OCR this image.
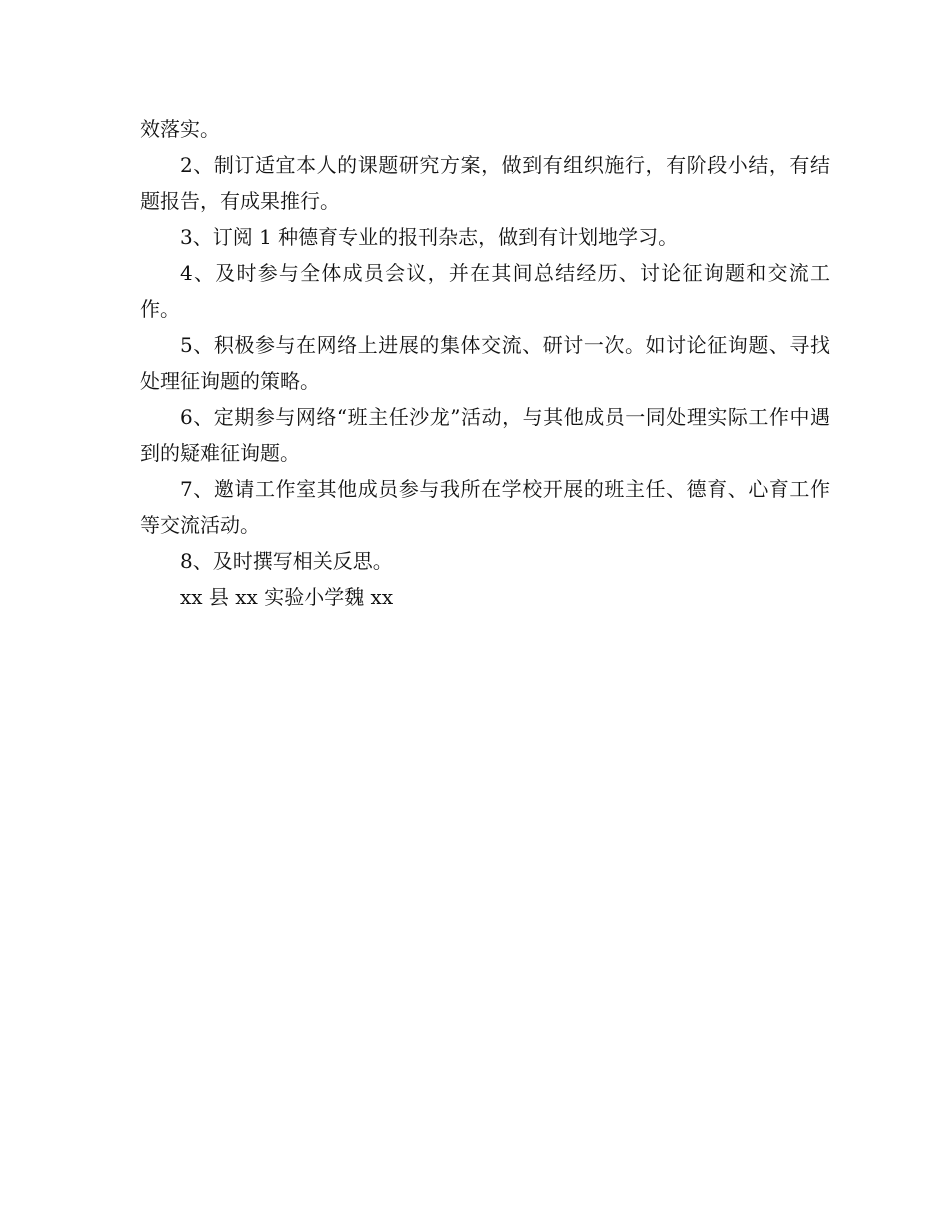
效落实。

2、制订适宜本人的课题研究方案，做到有组织施行，有阶段小结，有结题报告，有成果推行。

3、订阅 1 种德育专业的报刊杂志，做到有计划地学习。

4、及时参与全体成员会议，并在其间总结经历、讨论征询题和交流工作。

5、积极参与在网络上进展的集体交流、研讨一次。如讨论征询题、寻找处理征询题的策略。

6、定期参与网络“班主任沙龙”活动，与其他成员一同处理实际工作中遇到的疑难征询题。

7、邀请工作室其他成员参与我所在学校开展的班主任、德育、心育工作等交流活动。

8、及时撰写相关反思。

xx 县 xx 实验小学魏 xx
